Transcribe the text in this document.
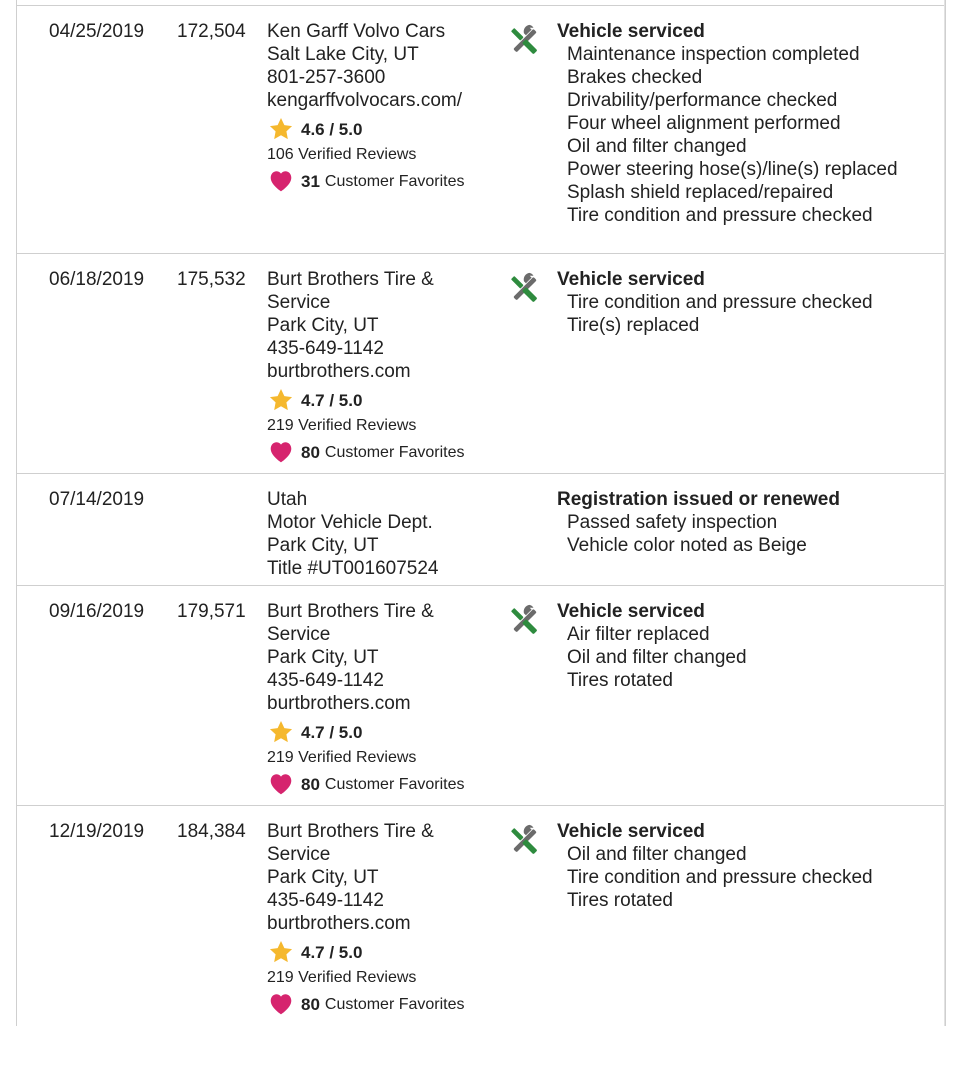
04/25/2019 172,504 Ken Garff Volvo Cars
Salt Lake City, UT
801-257-3600
kengarffvolvocars.com/
4.6 / 5.0
106 Verified Reviews
31 Customer Favorites
Vehicle serviced
Maintenance inspection completed
Brakes checked
Drivability/performance checked
Four wheel alignment performed
Oil and filter changed
Power steering hose(s)/line(s) replaced
Splash shield replaced/repaired
Tire condition and pressure checked
06/18/2019 175,532 Burt Brothers Tire & Service
Park City, UT
435-649-1142
burtbrothers.com
4.7 / 5.0
219 Verified Reviews
80 Customer Favorites
Vehicle serviced
Tire condition and pressure checked
Tire(s) replaced
07/14/2019	Utah
Motor Vehicle Dept.
Park City, UT
Title #UT001607524
Registration issued or renewed
Passed safety inspection
Vehicle color noted as Beige
09/16/2019 179,571 Burt Brothers Tire & Service
Park City, UT
435-649-1142
burtbrothers.com
4.7 / 5.0
219 Verified Reviews
80 Customer Favorites
Vehicle serviced
Air filter replaced
Oil and filter changed
Tires rotated
12/19/2019 184,384 Burt Brothers Tire & Service
Park City, UT
435-649-1142
burtbrothers.com
4.7 / 5.0
219 Verified Reviews
80 Customer Favorites
Vehicle serviced
Oil and filter changed
Tire condition and pressure checked
Tires rotated
